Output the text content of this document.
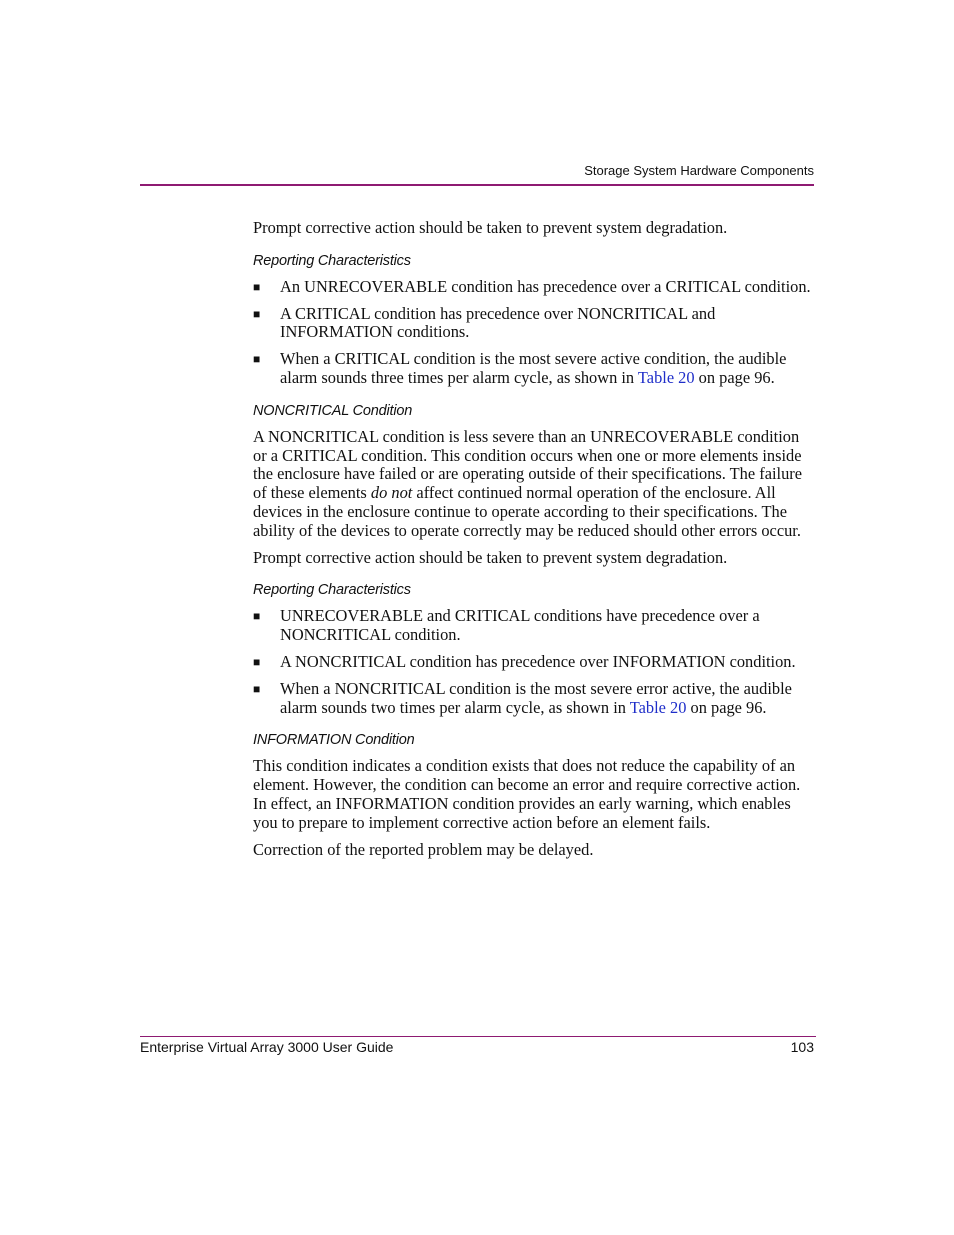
Storage System Hardware Components

Prompt corrective action should be taken to prevent system degradation.

Reporting Characteristics
■ An UNRECOVERABLE condition has precedence over a CRITICAL condition.
■ A CRITICAL condition has precedence over NONCRITICAL and INFORMATION conditions.
■ When a CRITICAL condition is the most severe active condition, the audible alarm sounds three times per alarm cycle, as shown in Table 20 on page 96.
NONCRITICAL Condition

A NONCRITICAL condition is less severe than an UNRECOVERABLE condition or a CRITICAL condition. This condition occurs when one or more elements inside the enclosure have failed or are operating outside of their specifications. The failure of these elements do not affect continued normal operation of the enclosure. All devices in the enclosure continue to operate according to their specifications. The ability of the devices to operate correctly may be reduced should other errors occur.

Prompt corrective action should be taken to prevent system degradation.

Reporting Characteristics
■ UNRECOVERABLE and CRITICAL conditions have precedence over a NONCRITICAL condition.
■ A NONCRITICAL condition has precedence over INFORMATION condition.
■ When a NONCRITICAL condition is the most severe error active, the audible alarm sounds two times per alarm cycle, as shown in Table 20 on page 96.
INFORMATION Condition

This condition indicates a condition exists that does not reduce the capability of an element. However, the condition can become an error and require corrective action. In effect, an INFORMATION condition provides an early warning, which enables you to prepare to implement corrective action before an element fails.

Correction of the reported problem may be delayed.

Enterprise Virtual Array 3000 User Guide	103
